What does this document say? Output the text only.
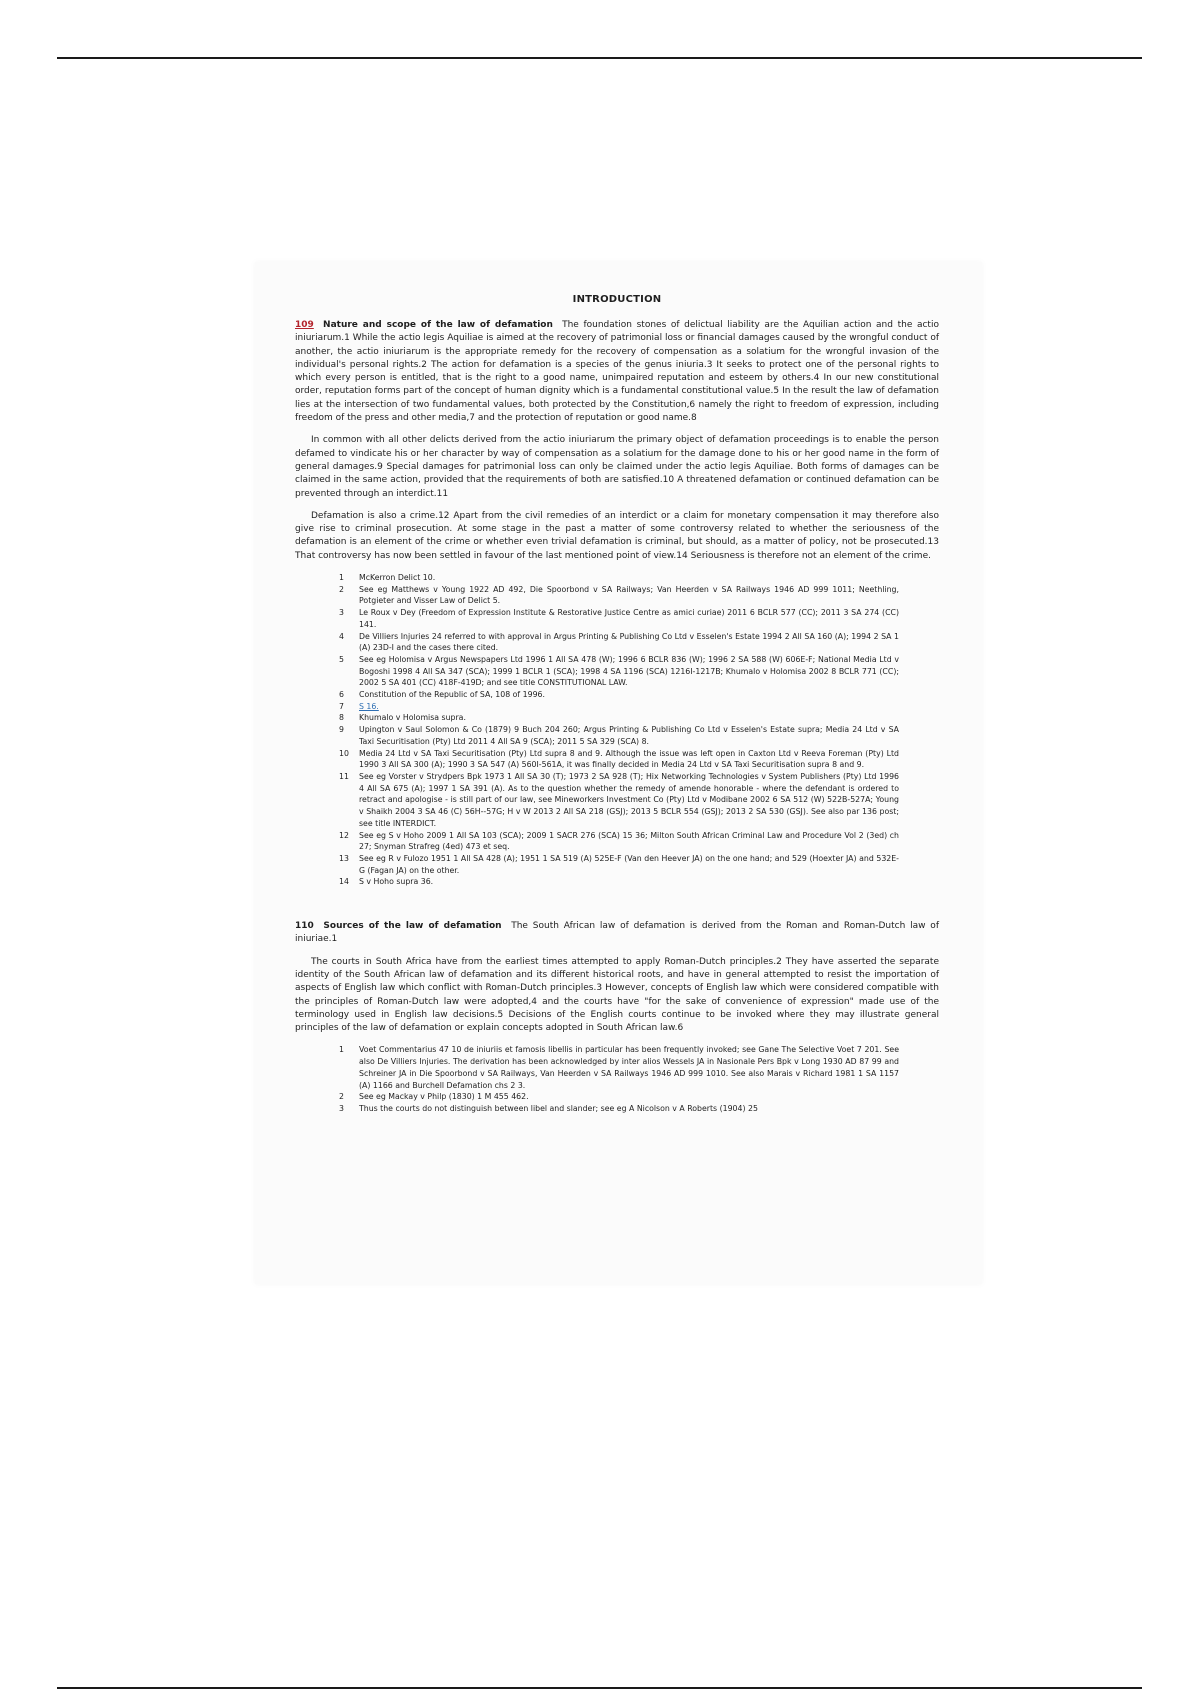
INTRODUCTION

109 Nature and scope of the law of defamation The foundation stones of delictual liability are the Aquilian action and the actio iniuriarum.1 While the actio legis Aquiliae is aimed at the recovery of patrimonial loss or financial damages caused by the wrongful conduct of another, the actio iniuriarum is the appropriate remedy for the recovery of compensation as a solatium for the wrongful invasion of the individual's personal rights.2 The action for defamation is a species of the genus iniuria.3 It seeks to protect one of the personal rights to which every person is entitled, that is the right to a good name, unimpaired reputation and esteem by others.4 In our new constitutional order, reputation forms part of the concept of human dignity which is a fundamental constitutional value.5 In the result the law of defamation lies at the intersection of two fundamental values, both protected by the Constitution,6 namely the right to freedom of expression, including freedom of the press and other media,7 and the protection of reputation or good name.8

In common with all other delicts derived from the actio iniuriarum the primary object of defamation proceedings is to enable the person defamed to vindicate his or her character by way of compensation as a solatium for the damage done to his or her good name in the form of general damages.9 Special damages for patrimonial loss can only be claimed under the actio legis Aquiliae. Both forms of damages can be claimed in the same action, provided that the requirements of both are satisfied.10 A threatened defamation or continued defamation can be prevented through an interdict.11

Defamation is also a crime.12 Apart from the civil remedies of an interdict or a claim for monetary compensation it may therefore also give rise to criminal prosecution. At some stage in the past a matter of some controversy related to whether the seriousness of the defamation is an element of the crime or whether even trivial defamation is criminal, but should, as a matter of policy, not be prosecuted.13 That controversy has now been settled in favour of the last mentioned point of view.14 Seriousness is therefore not an element of the crime.

1	McKerron Delict 10.
2	See eg Matthews v Young 1922 AD 492, Die Spoorbond v SA Railways; Van Heerden v SA Railways 1946 AD 999 1011; Neethling, Potgieter and Visser Law of Delict 5.
3	Le Roux v Dey (Freedom of Expression Institute & Restorative Justice Centre as amici curiae) 2011 6 BCLR 577 (CC); 2011 3 SA 274 (CC) 141.
4	De Villiers Injuries 24 referred to with approval in Argus Printing & Publishing Co Ltd v Esselen's Estate 1994 2 All SA 160 (A); 1994 2 SA 1 (A) 23D-I and the cases there cited.
5	See eg Holomisa v Argus Newspapers Ltd 1996 1 All SA 478 (W); 1996 6 BCLR 836 (W); 1996 2 SA 588 (W) 606E-F; National Media Ltd v Bogoshi 1998 4 All SA 347 (SCA); 1999 1 BCLR 1 (SCA); 1998 4 SA 1196 (SCA) 1216I-1217B; Khumalo v Holomisa 2002 8 BCLR 771 (CC); 2002 5 SA 401 (CC) 418F-419D; and see title CONSTITUTIONAL LAW.
6	Constitution of the Republic of SA, 108 of 1996.
7	S 16.
8	Khumalo v Holomisa supra.
9	Upington v Saul Solomon & Co (1879) 9 Buch 204 260; Argus Printing & Publishing Co Ltd v Esselen's Estate supra; Media 24 Ltd v SA Taxi Securitisation (Pty) Ltd 2011 4 All SA 9 (SCA); 2011 5 SA 329 (SCA) 8.
10	Media 24 Ltd v SA Taxi Securitisation (Pty) Ltd supra 8 and 9. Although the issue was left open in Caxton Ltd v Reeva Foreman (Pty) Ltd 1990 3 All SA 300 (A); 1990 3 SA 547 (A) 560I-561A, it was finally decided in Media 24 Ltd v SA Taxi Securitisation supra 8 and 9.
11	See eg Vorster v Strydpers Bpk 1973 1 All SA 30 (T); 1973 2 SA 928 (T); Hix Networking Technologies v System Publishers (Pty) Ltd 1996 4 All SA 675 (A); 1997 1 SA 391 (A). As to the question whether the remedy of amende honorable - where the defendant is ordered to retract and apologise - is still part of our law, see Mineworkers Investment Co (Pty) Ltd v Modibane 2002 6 SA 512 (W) 522B-527A; Young v Shaikh 2004 3 SA 46 (C) 56H--57G; H v W 2013 2 All SA 218 (GSJ); 2013 5 BCLR 554 (GSJ); 2013 2 SA 530 (GSJ). See also par 136 post; see title INTERDICT.
12	See eg S v Hoho 2009 1 All SA 103 (SCA); 2009 1 SACR 276 (SCA) 15 36; Milton South African Criminal Law and Procedure Vol 2 (3ed) ch 27; Snyman Strafreg (4ed) 473 et seq.
13	See eg R v Fulozo 1951 1 All SA 428 (A); 1951 1 SA 519 (A) 525E-F (Van den Heever JA) on the one hand; and 529 (Hoexter JA) and 532E-G (Fagan JA) on the other.
14	S v Hoho supra 36.

110 Sources of the law of defamation The South African law of defamation is derived from the Roman and Roman-Dutch law of iniuriae.1

The courts in South Africa have from the earliest times attempted to apply Roman-Dutch principles.2 They have asserted the separate identity of the South African law of defamation and its different historical roots, and have in general attempted to resist the importation of aspects of English law which conflict with Roman-Dutch principles.3 However, concepts of English law which were considered compatible with the principles of Roman-Dutch law were adopted,4 and the courts have "for the sake of convenience of expression" made use of the terminology used in English law decisions.5 Decisions of the English courts continue to be invoked where they may illustrate general principles of the law of defamation or explain concepts adopted in South African law.6

1	Voet Commentarius 47 10 de iniuriis et famosis libellis in particular has been frequently invoked; see Gane The Selective Voet 7 201. See also De Villiers Injuries. The derivation has been acknowledged by inter alios Wessels JA in Nasionale Pers Bpk v Long 1930 AD 87 99 and Schreiner JA in Die Spoorbond v SA Railways, Van Heerden v SA Railways 1946 AD 999 1010. See also Marais v Richard 1981 1 SA 1157 (A) 1166 and Burchell Defamation chs 2 3.
2	See eg Mackay v Philp (1830) 1 M 455 462.
3	Thus the courts do not distinguish between libel and slander; see eg A Nicolson v A Roberts (1904) 25
